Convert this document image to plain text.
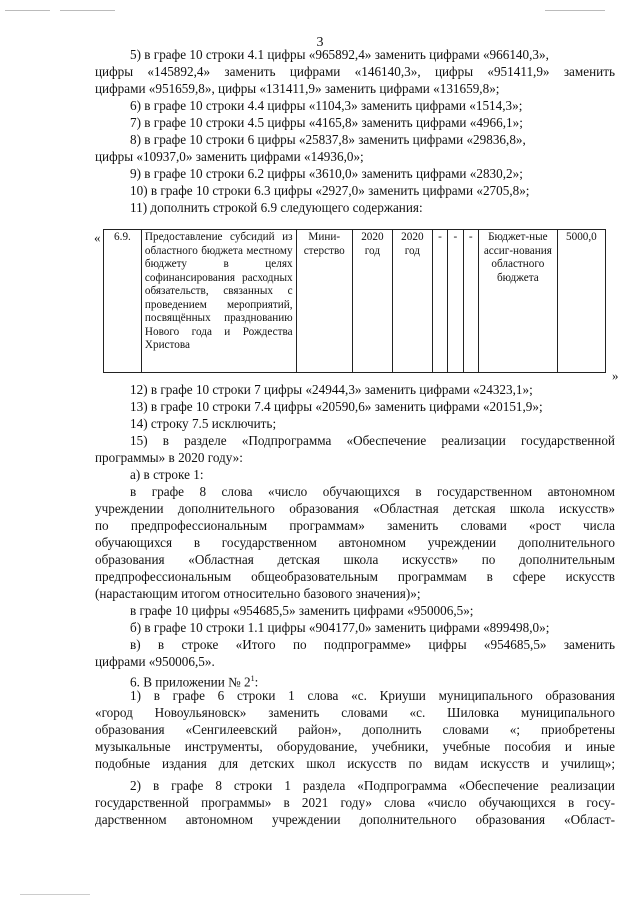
3
5) в графе 10 строки 4.1 цифры «965892,4» заменить цифрами «966140,3»,
цифры «145892,4» заменить цифрами «146140,3», цифры «951411,9» заменить
цифрами «951659,8», цифры «131411,9» заменить цифрами «131659,8»;
6) в графе 10 строки 4.4 цифры «1104,3» заменить цифрами «1514,3»;
7) в графе 10 строки 4.5 цифры «4165,8» заменить цифрами «4966,1»;
8) в графе 10 строки 6 цифры «25837,8» заменить цифрами «29836,8»,
цифры «10937,0» заменить цифрами «14936,0»;
9) в графе 10 строки 6.2 цифры «3610,0» заменить цифрами «2830,2»;
10) в графе 10 строки 6.3 цифры «2927,0» заменить цифрами «2705,8»;
11) дополнить строкой 6.9 следующего содержания:
« 6.9.	Предоставление субсидий из областного бюджета местному бюджету в целях софинансирования расходных обязательств, связанных с проведением мероприятий, посвящённых празднованию Нового года и Рождества Христова	Мини-стерство	2020 год	2020 год	-	-	-	Бюджет-ные ассиг-нования областного бюджета	5000,0
»
12) в графе 10 строки 7 цифры «24944,3» заменить цифрами «24323,1»;
13) в графе 10 строки 7.4 цифры «20590,6» заменить цифрами «20151,9»;
14) строку 7.5 исключить;
15) в разделе «Подпрограмма «Обеспечение реализации государственной
программы» в 2020 году»:
а) в строке 1:
в графе 8 слова «число обучающихся в государственном автономном
учреждении дополнительного образования «Областная детская школа искусств»
по предпрофессиональным программам» заменить словами «рост числа
обучающихся в государственном автономном учреждении дополнительного
образования «Областная детская школа искусств» по дополнительным
предпрофессиональным общеобразовательным программам в сфере искусств
(нарастающим итогом относительно базового значения)»;
в графе 10 цифры «954685,5» заменить цифрами «950006,5»;
б) в графе 10 строки 1.1 цифры «904177,0» заменить цифрами «899498,0»;
в) в строке «Итого по подпрограмме» цифры «954685,5» заменить
цифрами «950006,5».
6. В приложении № $2^1$:
1) в графе 6 строки 1 слова «с. Криуши муниципального образования
«город Новоульяновск» заменить словами «с. Шиловка муниципального
образования «Сенгилеевский район», дополнить словами «; приобретены
музыкальные инструменты, оборудование, учебники, учебные пособия и иные
подобные издания для детских школ искусств по видам искусств и училищ»;
2) в графе 8 строки 1 раздела «Подпрограмма «Обеспечение реализации
государственной программы» в 2021 году» слова «число обучающихся в госу-
дарственном автономном учреждении дополнительного образования «Област-
